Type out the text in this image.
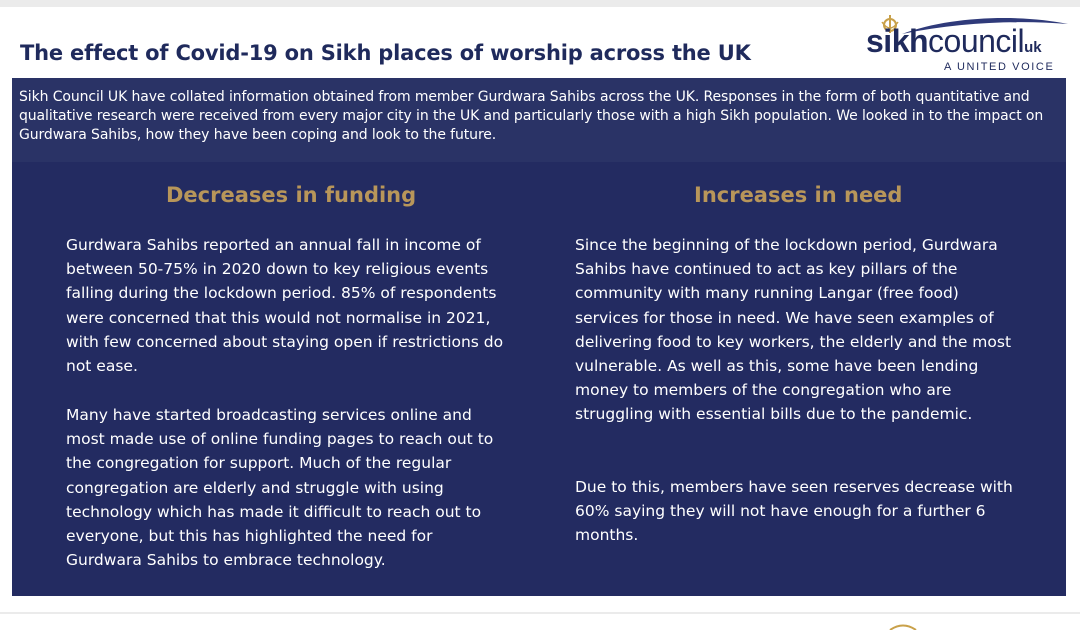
The effect of Covid-19 on Sikh places of worship across the UK	sikhcounciluk
A UNITED VOICE

Sikh Council UK have collated information obtained from member Gurdwara Sahibs across the UK. Responses in the form of both quantitative and qualitative research were received from every major city in the UK and particularly those with a high Sikh population. We looked in to the impact on Gurdwara Sahibs, how they have been coping and look to the future.

Decreases in funding

Gurdwara Sahibs reported an annual fall in income of between 50-75% in 2020 down to key religious events falling during the lockdown period. 85% of respondents were concerned that this would not normalise in 2021, with few concerned about staying open if restrictions do not ease.

Many have started broadcasting services online and most made use of online funding pages to reach out to the congregation for support. Much of the regular congregation are elderly and struggle with using technology which has made it difficult to reach out to everyone, but this has highlighted the need for Gurdwara Sahibs to embrace technology.

Increases in need

Since the beginning of the lockdown period, Gurdwara Sahibs have continued to act as key pillars of the community with many running Langar (free food) services for those in need. We have seen examples of delivering food to key workers, the elderly and the most vulnerable. As well as this, some have been lending money to members of the congregation who are struggling with essential bills due to the pandemic.

Due to this, members have seen reserves decrease with 60% saying they will not have enough for a further 6 months.
